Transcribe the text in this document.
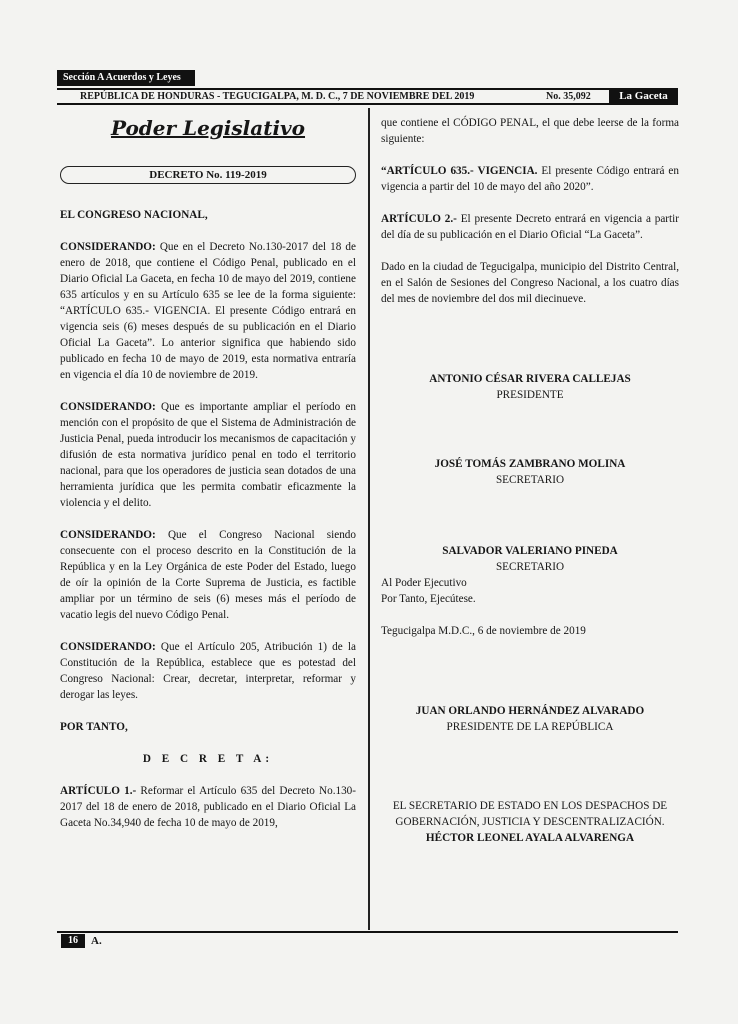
Sección A Acuerdos y Leyes
REPÚBLICA DE HONDURAS - TEGUCIGALPA, M. D. C., 7 DE NOVIEMBRE DEL 2019	No. 35,092	La Gaceta
Poder Legislativo
DECRETO No. 119-2019

EL CONGRESO NACIONAL,

CONSIDERANDO: Que en el Decreto No.130-2017 del 18 de enero de 2018, que contiene el Código Penal, publicado en el Diario Oficial La Gaceta, en fecha 10 de mayo del 2019, contiene 635 artículos y en su Artículo 635 se lee de la forma siguiente: “ARTÍCULO 635.- VIGENCIA. El presente Código entrará en vigencia seis (6) meses después de su publicación en el Diario Oficial La Gaceta”. Lo anterior significa que habiendo sido publicado en fecha 10 de mayo de 2019, esta normativa entraría en vigencia el día 10 de noviembre de 2019.

CONSIDERANDO: Que es importante ampliar el período en mención con el propósito de que el Sistema de Administración de Justicia Penal, pueda introducir los mecanismos de capacitación y difusión de esta normativa jurídico penal en todo el territorio nacional, para que los operadores de justicia sean dotados de una herramienta jurídica que les permita combatir eficazmente la violencia y el delito.

CONSIDERANDO: Que el Congreso Nacional siendo consecuente con el proceso descrito en la Constitución de la República y en la Ley Orgánica de este Poder del Estado, luego de oír la opinión de la Corte Suprema de Justicia, es factible ampliar por un término de seis (6) meses más el período de vacatio legis del nuevo Código Penal.

CONSIDERANDO: Que el Artículo 205, Atribución 1) de la Constitución de la República, establece que es potestad del Congreso Nacional: Crear, decretar, interpretar, reformar y derogar las leyes.

POR TANTO,

D E C R E T A:

ARTÍCULO 1.- Reformar el Artículo 635 del Decreto No.130-2017 del 18 de enero de 2018, publicado en el Diario Oficial La Gaceta No.34,940 de fecha 10 de mayo de 2019,

que contiene el CÓDIGO PENAL, el que debe leerse de la forma siguiente:

“ARTÍCULO 635.- VIGENCIA. El presente Código entrará en vigencia a partir del 10 de mayo del año 2020”.

ARTÍCULO 2.- El presente Decreto entrará en vigencia a partir del día de su publicación en el Diario Oficial “La Gaceta”.

Dado en la ciudad de Tegucigalpa, municipio del Distrito Central, en el Salón de Sesiones del Congreso Nacional, a los cuatro días del mes de noviembre del dos mil diecinueve.

ANTONIO CÉSAR RIVERA CALLEJAS

PRESIDENTE

JOSÉ TOMÁS ZAMBRANO MOLINA

SECRETARIO

SALVADOR VALERIANO PINEDA

SECRETARIO

Al Poder Ejecutivo

Por Tanto, Ejecútese.

Tegucigalpa M.D.C., 6 de noviembre de 2019

JUAN ORLANDO HERNÁNDEZ ALVARADO

PRESIDENTE DE LA REPÚBLICA

EL SECRETARIO DE ESTADO EN LOS DESPACHOS DE

GOBERNACIÓN, JUSTICIA Y DESCENTRALIZACIÓN.

HÉCTOR LEONEL AYALA ALVARENGA

16	A.
